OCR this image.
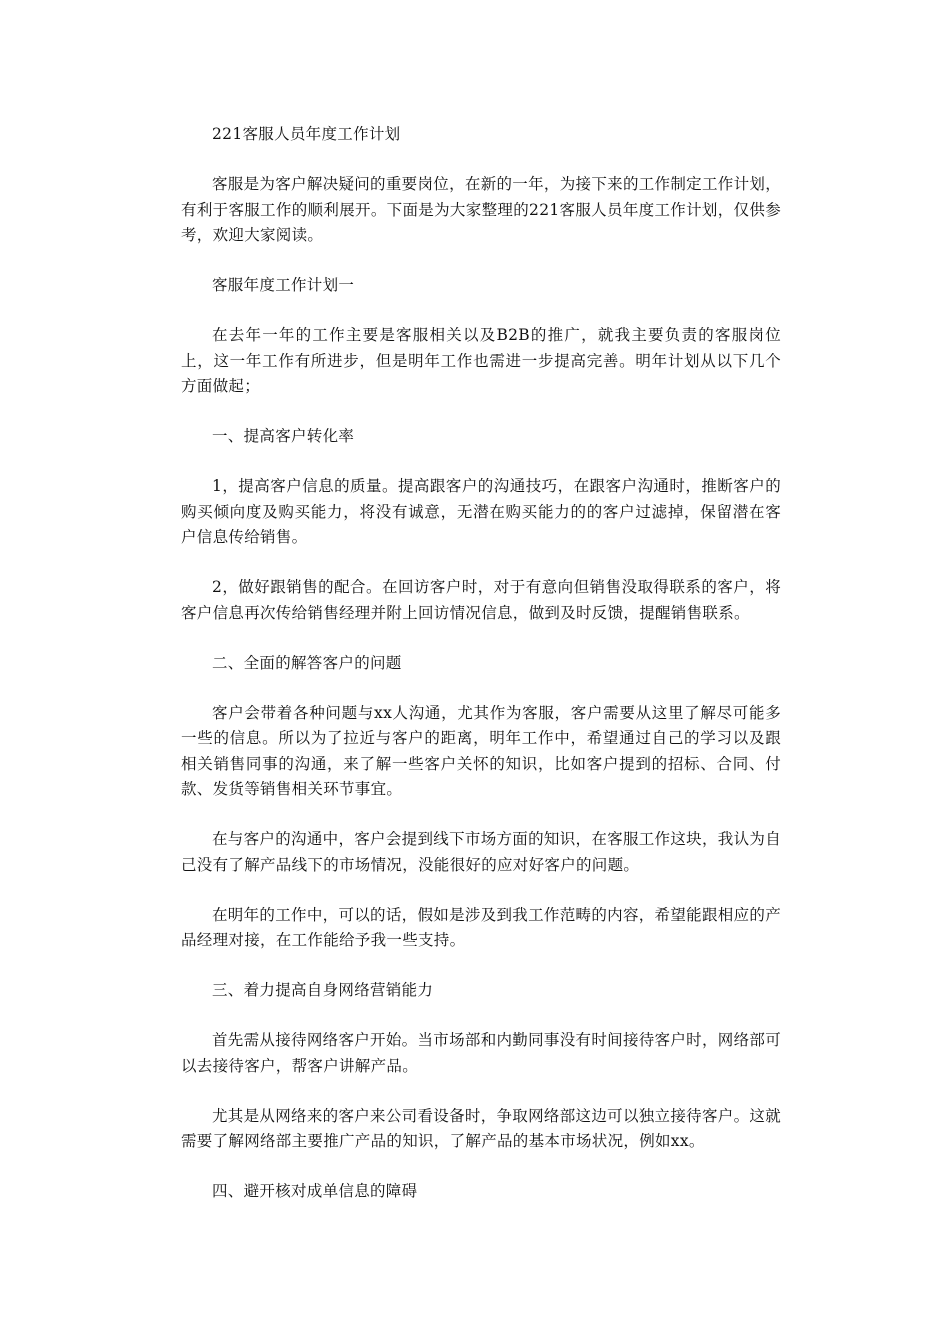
221客服人员年度工作计划

客服是为客户解决疑问的重要岗位，在新的一年，为接下来的工作制定工作计划，有利于客服工作的顺利展开。下面是为大家整理的221客服人员年度工作计划，仅供参考，欢迎大家阅读。

客服年度工作计划一

在去年一年的工作主要是客服相关以及B2B的推广，就我主要负责的客服岗位上，这一年工作有所进步，但是明年工作也需进一步提高完善。明年计划从以下几个方面做起；

一、提高客户转化率

1，提高客户信息的质量。提高跟客户的沟通技巧，在跟客户沟通时，推断客户的购买倾向度及购买能力，将没有诚意，无潜在购买能力的的客户过滤掉，保留潜在客户信息传给销售。

2，做好跟销售的配合。在回访客户时，对于有意向但销售没取得联系的客户，将客户信息再次传给销售经理并附上回访情况信息，做到及时反馈，提醒销售联系。

二、全面的解答客户的问题

客户会带着各种问题与xx人沟通，尤其作为客服，客户需要从这里了解尽可能多一些的信息。所以为了拉近与客户的距离，明年工作中，希望通过自己的学习以及跟相关销售同事的沟通，来了解一些客户关怀的知识，比如客户提到的招标、合同、付款、发货等销售相关环节事宜。

在与客户的沟通中，客户会提到线下市场方面的知识，在客服工作这块，我认为自己没有了解产品线下的市场情况，没能很好的应对好客户的问题。

在明年的工作中，可以的话，假如是涉及到我工作范畴的内容，希望能跟相应的产品经理对接，在工作能给予我一些支持。

三、着力提高自身网络营销能力

首先需从接待网络客户开始。当市场部和内勤同事没有时间接待客户时，网络部可以去接待客户，帮客户讲解产品。

尤其是从网络来的客户来公司看设备时，争取网络部这边可以独立接待客户。这就需要了解网络部主要推广产品的知识，了解产品的基本市场状况，例如xx。

四、避开核对成单信息的障碍
